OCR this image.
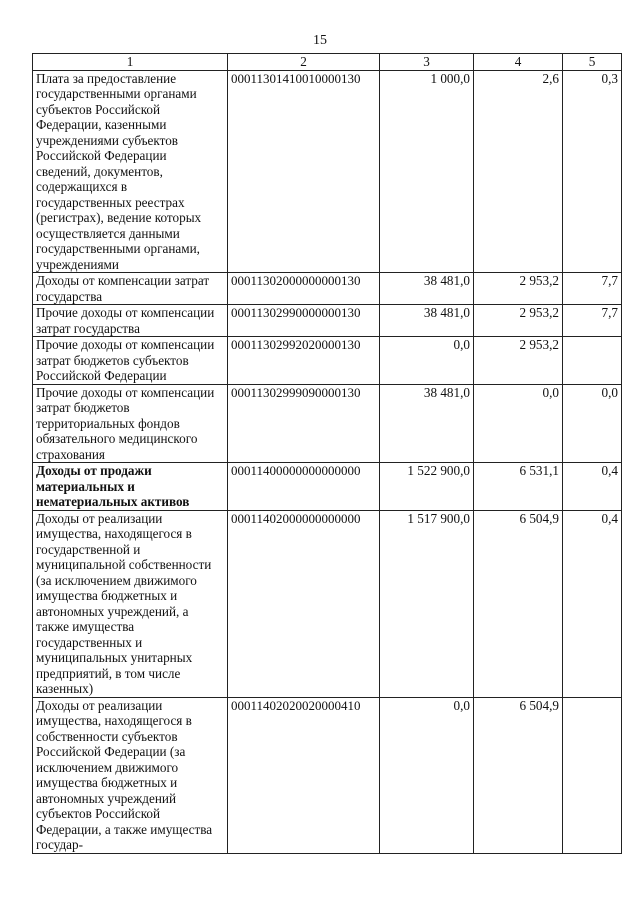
15
1	2	3	4	5
Плата за предоставление государственными органами субъектов Российской Федерации, казенными учреждениями субъектов Российской Федерации сведений, документов, содержащихся в государственных реестрах (регистрах), ведение которых осуществляется данными государственными органами, учреждениями	00011301410010000130	1 000,0	2,6	0,3
Доходы от компенсации затрат государства	00011302000000000130	38 481,0	2 953,2	7,7
Прочие доходы от компенсации затрат государства	00011302990000000130	38 481,0	2 953,2	7,7
Прочие доходы от компенсации затрат бюджетов субъектов Российской Федерации	00011302992020000130	0,0	2 953,2	
Прочие доходы от компенсации затрат бюджетов территориальных фондов обязательного медицинского страхования	00011302999090000130	38 481,0	0,0	0,0
Доходы от продажи материальных и нематериальных активов	00011400000000000000	1 522 900,0	6 531,1	0,4
Доходы от реализации имущества, находящегося в государственной и муниципальной собственности (за исключением движимого имущества бюджетных и автономных учреждений, а также имущества государственных и муниципальных унитарных предприятий, в том числе казенных)	00011402000000000000	1 517 900,0	6 504,9	0,4
Доходы от реализации имущества, находящегося в собственности субъектов Российской Федерации (за исключением движимого имущества бюджетных и автономных учреждений субъектов Российской Федерации, а также имущества государ-	00011402020020000410	0,0	6 504,9	
